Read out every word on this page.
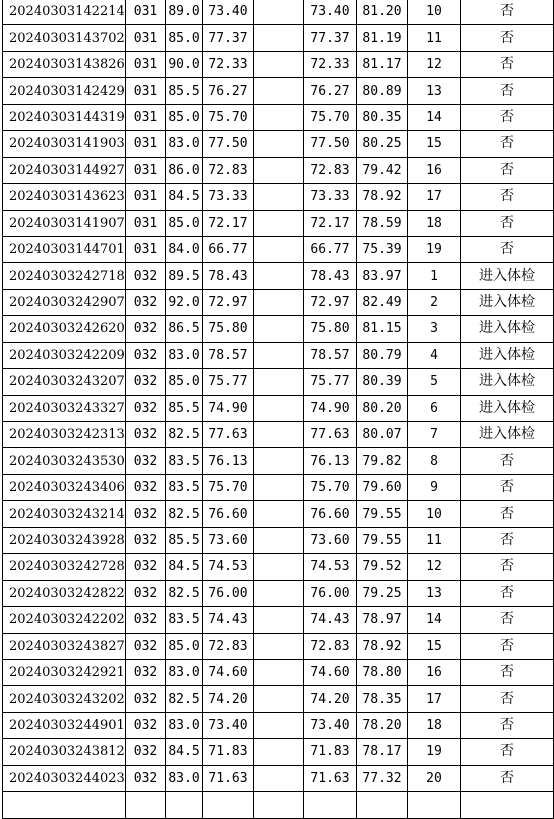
20240303142214	031	89.0	73.40		73.40	81.20	10	否
20240303143702	031	85.0	77.37		77.37	81.19	11	否
20240303143826	031	90.0	72.33		72.33	81.17	12	否
20240303142429	031	85.5	76.27		76.27	80.89	13	否
20240303144319	031	85.0	75.70		75.70	80.35	14	否
20240303141903	031	83.0	77.50		77.50	80.25	15	否
20240303144927	031	86.0	72.83		72.83	79.42	16	否
20240303143623	031	84.5	73.33		73.33	78.92	17	否
20240303141907	031	85.0	72.17		72.17	78.59	18	否
20240303144701	031	84.0	66.77		66.77	75.39	19	否
20240303242718	032	89.5	78.43		78.43	83.97	1	进入体检
20240303242907	032	92.0	72.97		72.97	82.49	2	进入体检
20240303242620	032	86.5	75.80		75.80	81.15	3	进入体检
20240303242209	032	83.0	78.57		78.57	80.79	4	进入体检
20240303243207	032	85.0	75.77		75.77	80.39	5	进入体检
20240303243327	032	85.5	74.90		74.90	80.20	6	进入体检
20240303242313	032	82.5	77.63		77.63	80.07	7	进入体检
20240303243530	032	83.5	76.13		76.13	79.82	8	否
20240303243406	032	83.5	75.70		75.70	79.60	9	否
20240303243214	032	82.5	76.60		76.60	79.55	10	否
20240303243928	032	85.5	73.60		73.60	79.55	11	否
20240303242728	032	84.5	74.53		74.53	79.52	12	否
20240303242822	032	82.5	76.00		76.00	79.25	13	否
20240303242202	032	83.5	74.43		74.43	78.97	14	否
20240303243827	032	85.0	72.83		72.83	78.92	15	否
20240303242921	032	83.0	74.60		74.60	78.80	16	否
20240303243202	032	82.5	74.20		74.20	78.35	17	否
20240303244901	032	83.0	73.40		73.40	78.20	18	否
20240303243812	032	84.5	71.83		71.83	78.17	19	否
20240303244023	032	83.0	71.63		71.63	77.32	20	否
